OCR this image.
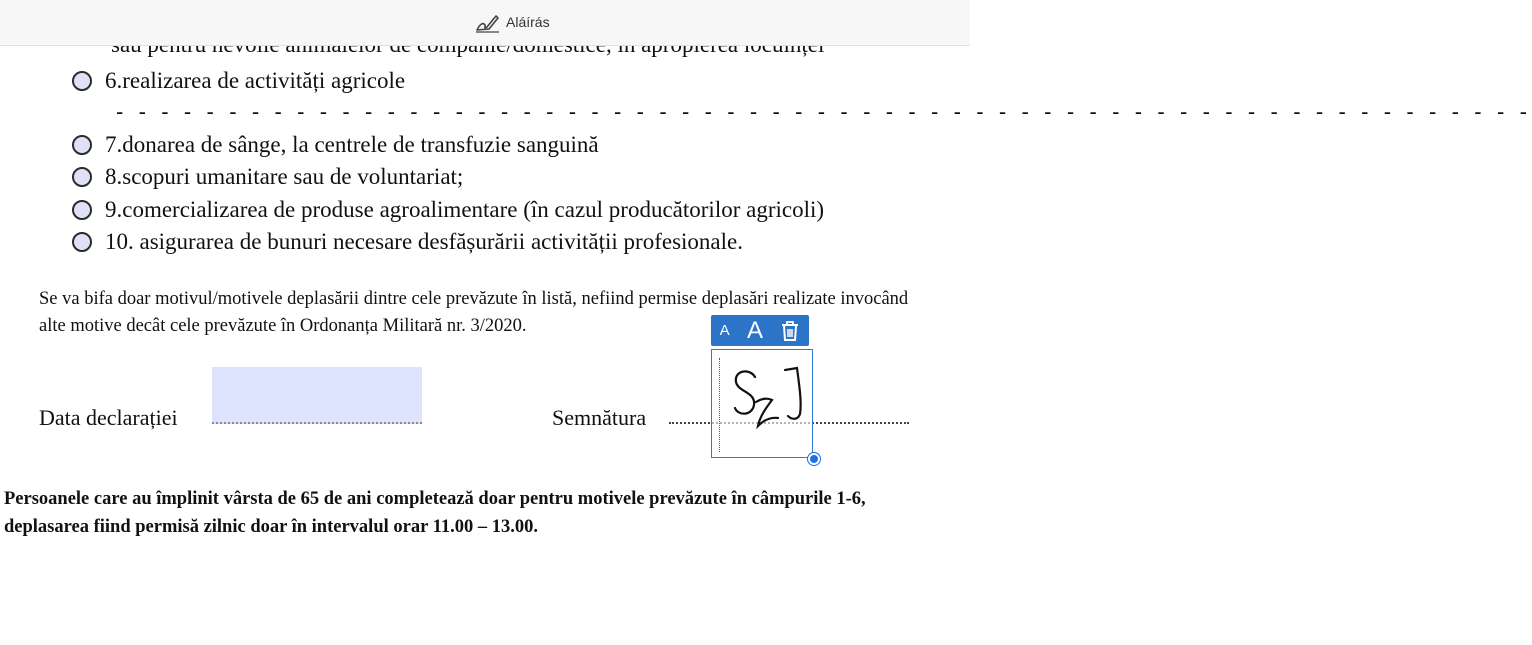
Aláírás
6.realizarea de activități agricole
- - - - - - - - - - - - - - - - - - - - - - - - - - - - - - - - - - - - - - - - - - - - - - - - - - - - - - - - - - - - - - -
7.donarea de sânge, la centrele de transfuzie sanguină
8.scopuri umanitare sau de voluntariat;
9.comercializarea de produse agroalimentare (în cazul producătorilor agricoli)
10. asigurarea de bunuri necesare desfășurării activității profesionale.
Se va bifa doar motivul/motivele deplasării dintre cele prevăzute în listă, nefiind permise deplasări realizate invocând
alte motive decât cele prevăzute în Ordonanța Militară nr. 3/2020.
Data declarației	Semnătura
A A
Persoanele care au împlinit vârsta de 65 de ani completează doar pentru motivele prevăzute în câmpurile 1-6,
deplasarea fiind permisă zilnic doar în intervalul orar 11.00 – 13.00.
